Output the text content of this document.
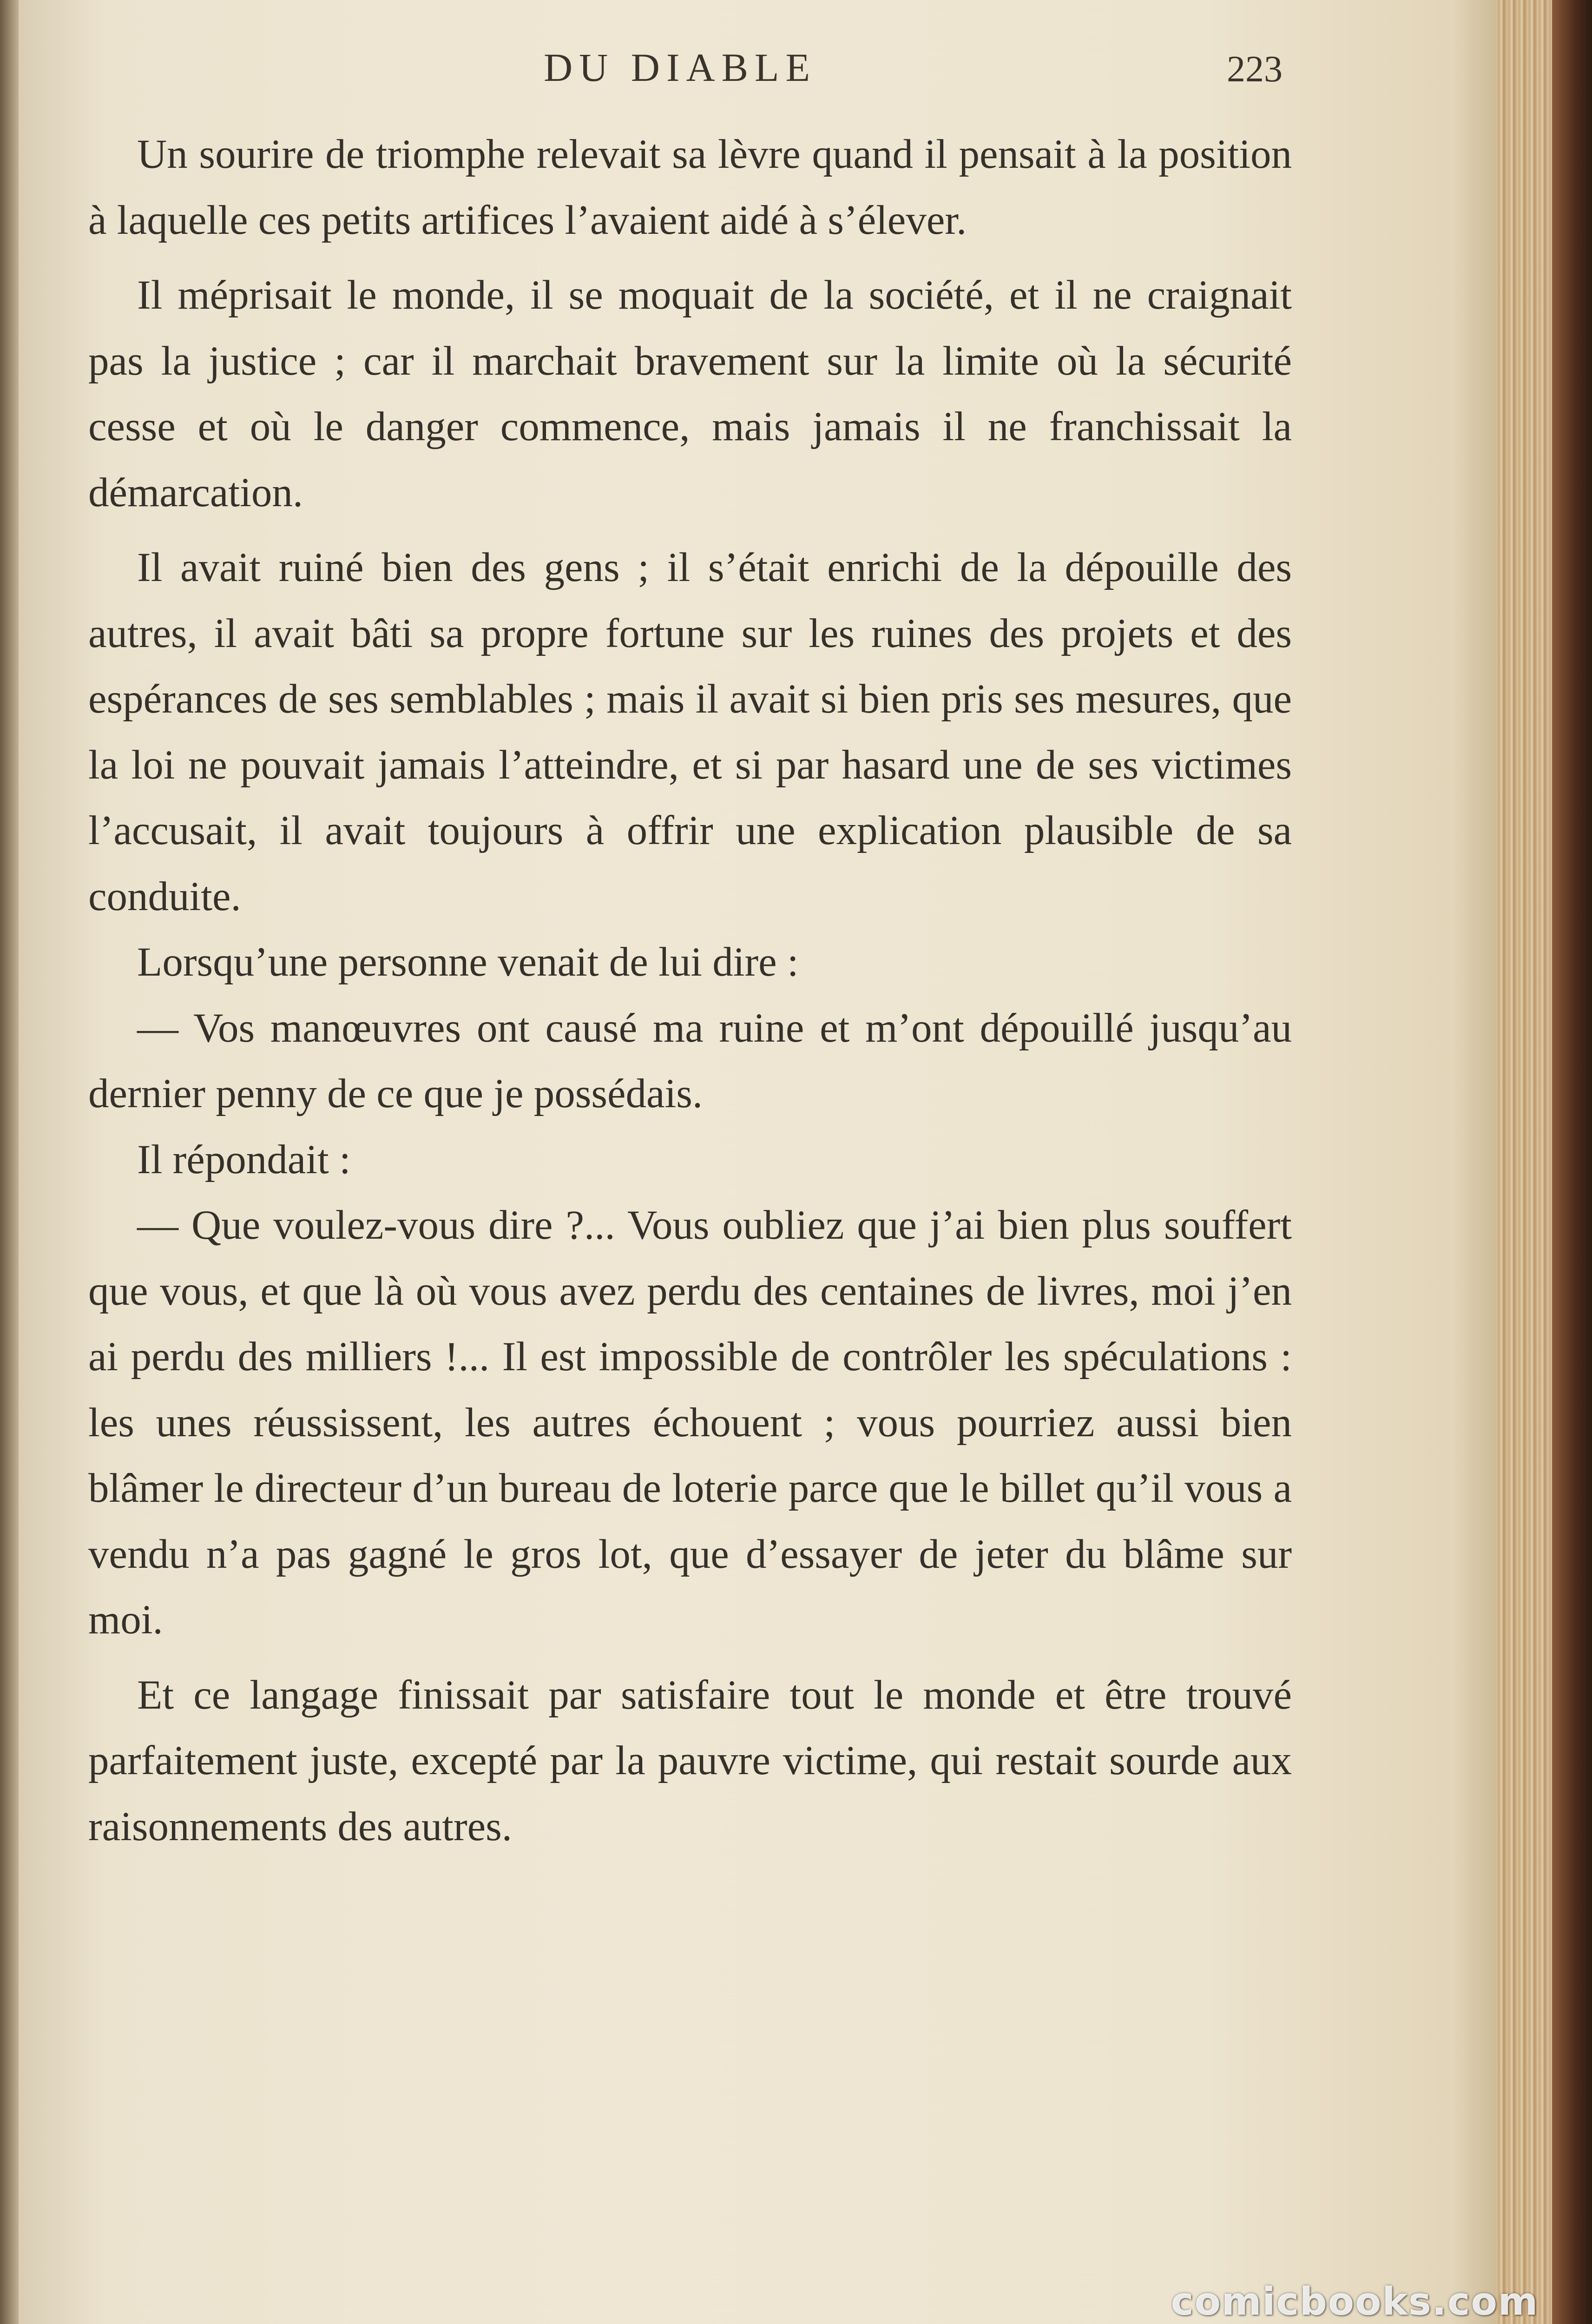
DU DIABLE	223

Un sourire de triomphe relevait sa lèvre quand il pensait à la position à laquelle ces petits artifices l’avaient aidé à s’élever.

Il méprisait le monde, il se moquait de la société, et il ne craignait pas la justice ; car il marchait bravement sur la limite où la sécurité cesse et où le danger commence, mais jamais il ne franchissait la démarcation.

Il avait ruiné bien des gens ; il s’était enrichi de la dépouille des autres, il avait bâti sa propre fortune sur les ruines des projets et des espérances de ses semblables ; mais il avait si bien pris ses mesures, que la loi ne pouvait jamais l’atteindre, et si par hasard une de ses victimes l’accusait, il avait toujours à offrir une explication plausible de sa conduite.

Lorsqu’une personne venait de lui dire :

— Vos manœuvres ont causé ma ruine et m’ont dépouillé jusqu’au dernier penny de ce que je possédais.

Il répondait :

— Que voulez-vous dire ?... Vous oubliez que j’ai bien plus souffert que vous, et que là où vous avez perdu des centaines de livres, moi j’en ai perdu des milliers !... Il est impossible de contrôler les spéculations : les unes réussissent, les autres échouent ; vous pourriez aussi bien blâmer le directeur d’un bureau de loterie parce que le billet qu’il vous a vendu n’a pas gagné le gros lot, que d’essayer de jeter du blâme sur moi.

Et ce langage finissait par satisfaire tout le monde et être trouvé parfaitement juste, excepté par la pauvre victime, qui restait sourde aux raisonnements des autres.

comicbooks.com
